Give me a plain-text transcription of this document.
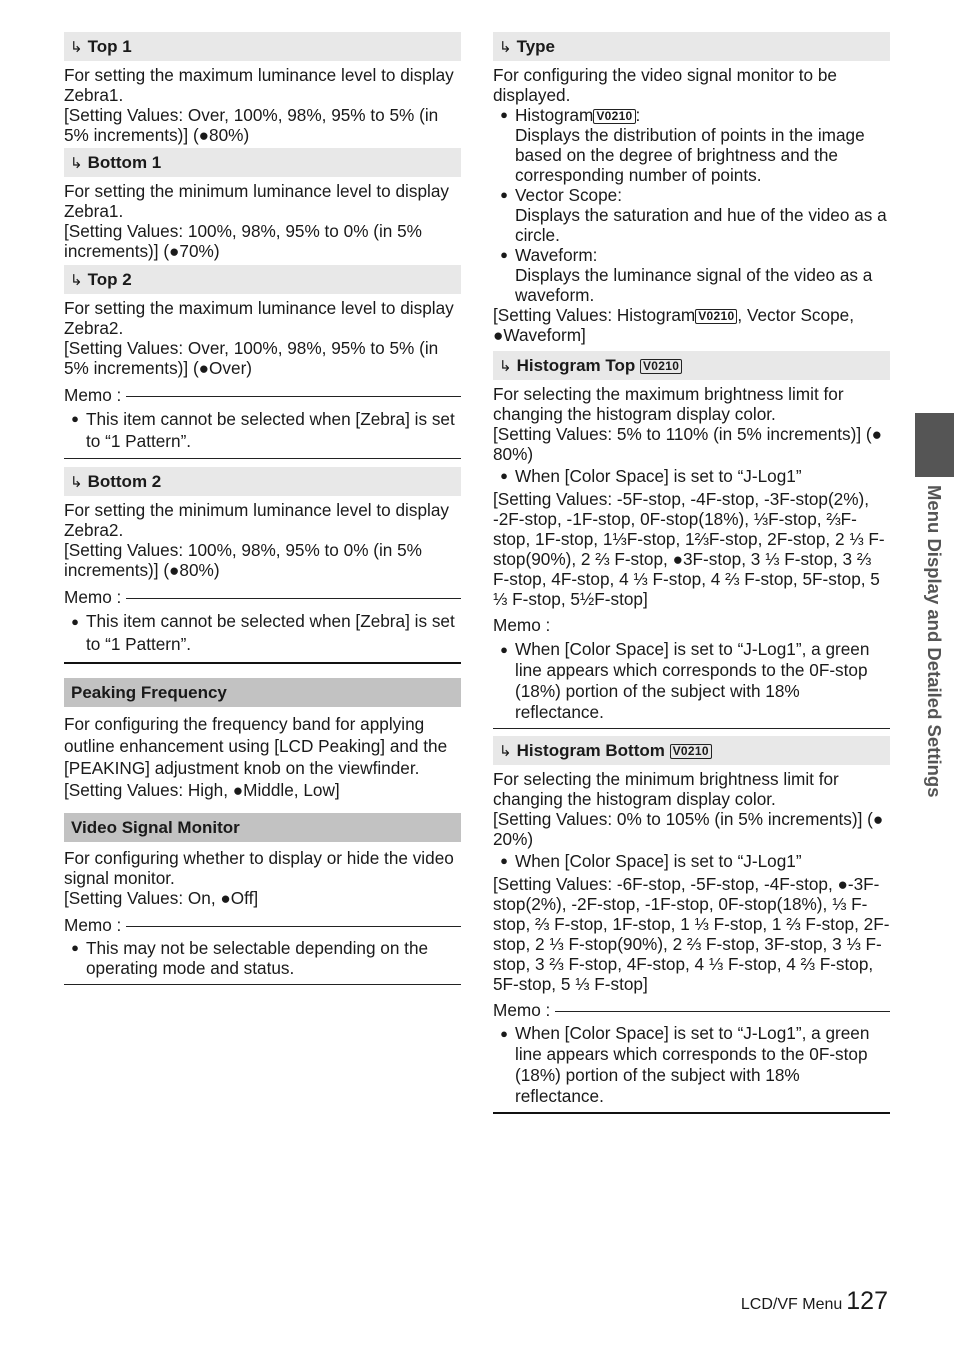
↳ Top 1

For setting the maximum luminance level to display Zebra1.

[Setting Values: Over, 100%, 98%, 95% to 5% (in 5% increments)] (●80%)

↳ Bottom 1

For setting the minimum luminance level to display Zebra1.

[Setting Values: 100%, 98%, 95% to 0% (in 5% increments)] (●70%)

↳ Top 2

For setting the maximum luminance level to display Zebra2.

[Setting Values: Over, 100%, 98%, 95% to 5% (in 5% increments)] (●Over)

Memo :
● This item cannot be selected when [Zebra] is set to “1 Pattern”.
↳ Bottom 2

For setting the minimum luminance level to display Zebra2.

[Setting Values: 100%, 98%, 95% to 0% (in 5% increments)] (●80%)

Memo :
● This item cannot be selected when [Zebra] is set to “1 Pattern”.
Peaking Frequency

For configuring the frequency band for applying outline enhancement using [LCD Peaking] and the [PEAKING] adjustment knob on the viewfinder.

[Setting Values: High, ●Middle, Low]

Video Signal Monitor

For configuring whether to display or hide the video signal monitor.

[Setting Values: On, ●Off]

Memo :
● This may not be selectable depending on the operating mode and status.
↳ Type

For configuring the video signal monitor to be displayed.

● Histogram V0210 :
Displays the distribution of points in the image based on the degree of brightness and the corresponding number of points.
● Vector Scope:
Displays the saturation and hue of the video as a circle.
● Waveform:
Displays the luminance signal of the video as a waveform.

[Setting Values: Histogram V0210 , Vector Scope, ●Waveform]

↳ Histogram Top V0210

For selecting the maximum brightness limit for changing the histogram display color.

[Setting Values: 5% to 110% (in 5% increments)] (● 80%)

● When [Color Space] is set to “J-Log1”

[Setting Values: -5F-stop, -4F-stop, -3F-stop(2%), -2F-stop, -1F-stop, 0F-stop(18%), ⅓F-stop, ⅔F-stop, 1F-stop, 1⅓F-stop, 1⅔F-stop, 2F-stop, 2 ⅓ F-stop(90%), 2 ⅔ F-stop, ●3F-stop, 3 ⅓ F-stop, 3 ⅔ F-stop, 4F-stop, 4 ⅓ F-stop, 4 ⅔ F-stop, 5F-stop, 5 ⅓ F-stop, 5½F-stop]

Memo :
● When [Color Space] is set to “J-Log1”, a green line appears which corresponds to the 0F-stop (18%) portion of the subject with 18% reflectance.
↳ Histogram Bottom V0210

For selecting the minimum brightness limit for changing the histogram display color.

[Setting Values: 0% to 105% (in 5% increments)] (● 20%)

● When [Color Space] is set to “J-Log1”

[Setting Values: -6F-stop, -5F-stop, -4F-stop, ●-3F-stop(2%), -2F-stop, -1F-stop, 0F-stop(18%), ⅓ F-stop, ⅔ F-stop, 1F-stop, 1 ⅓ F-stop, 1 ⅔ F-stop, 2F-stop, 2 ⅓ F-stop(90%), 2 ⅔ F-stop, 3F-stop, 3 ⅓ F-stop, 3 ⅔ F-stop, 4F-stop, 4 ⅓ F-stop, 4 ⅔ F-stop, 5F-stop, 5 ⅓ F-stop]

Memo :
● When [Color Space] is set to “J-Log1”, a green line appears which corresponds to the 0F-stop (18%) portion of the subject with 18% reflectance.
Menu Display and Detailed Settings
LCD/VF Menu 127
